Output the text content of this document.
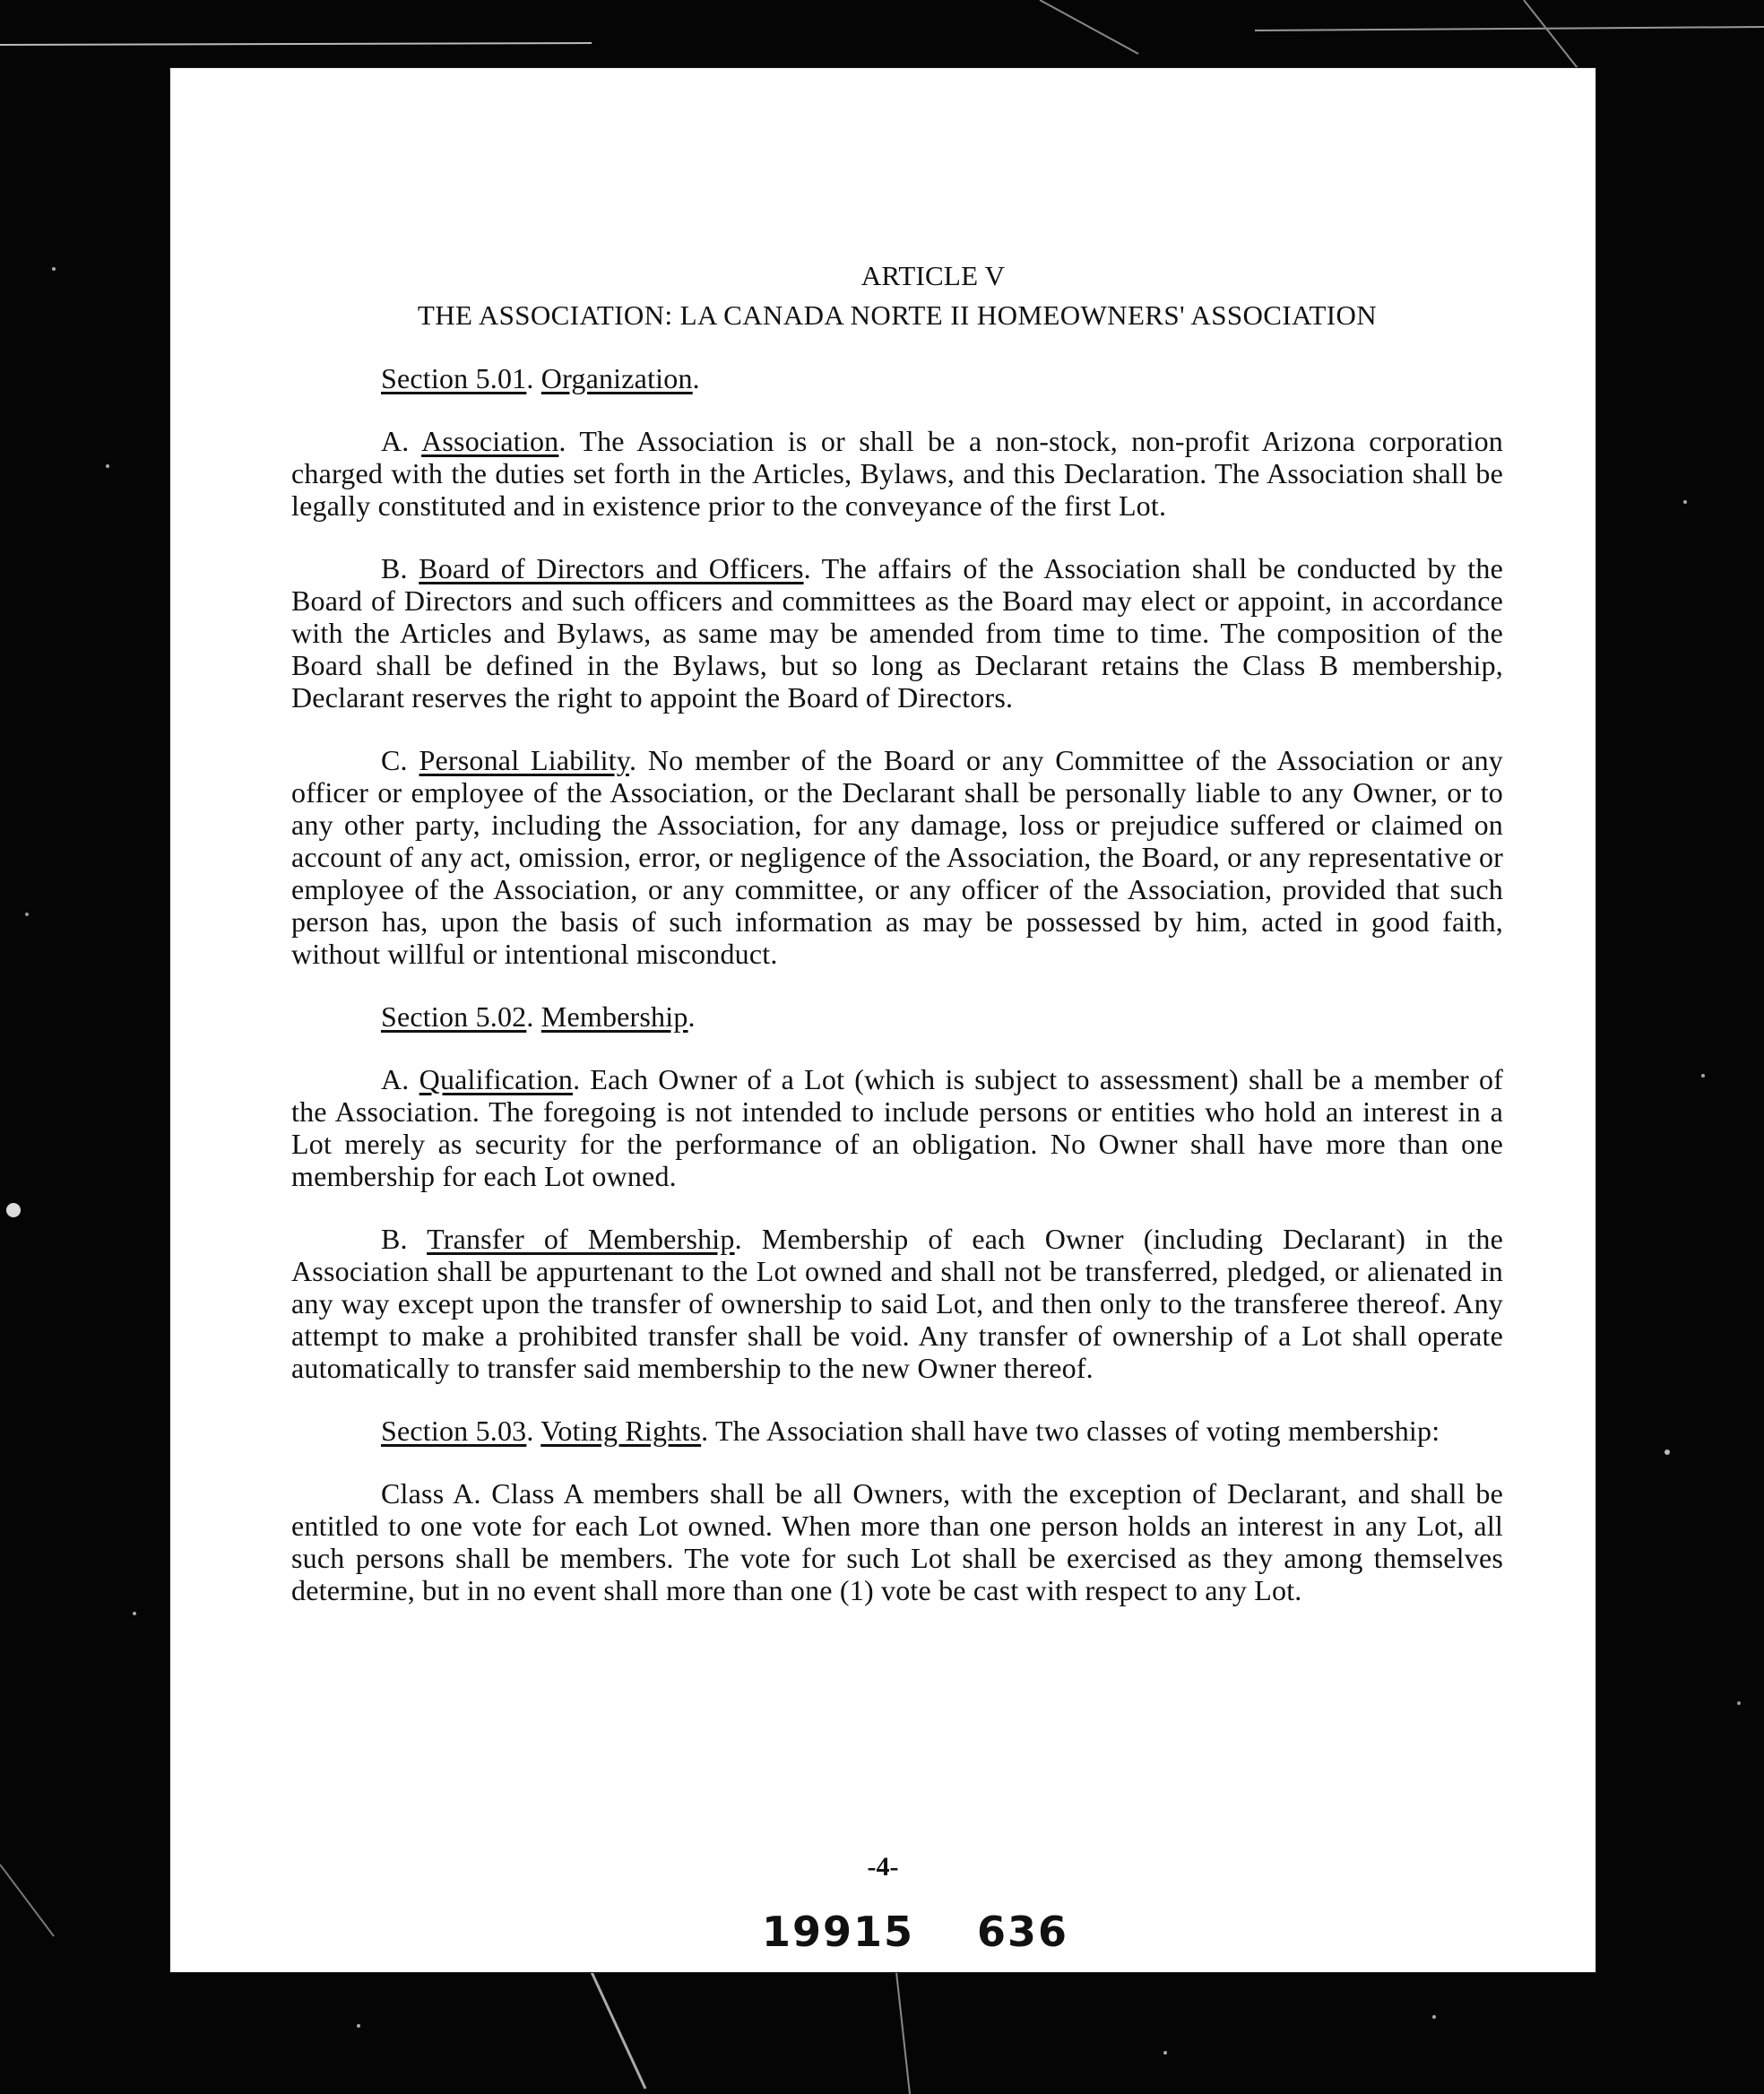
ARTICLE V

THE ASSOCIATION: LA CANADA NORTE II HOMEOWNERS' ASSOCIATION

Section 5.01. Organization.

A. Association. The Association is or shall be a non-stock, non-profit Arizona corporation charged with the duties set forth in the Articles, Bylaws, and this Declaration. The Association shall be legally constituted and in existence prior to the conveyance of the first Lot.

B. Board of Directors and Officers. The affairs of the Association shall be conducted by the Board of Directors and such officers and committees as the Board may elect or appoint, in accordance with the Articles and Bylaws, as same may be amended from time to time. The composition of the Board shall be defined in the Bylaws, but so long as Declarant retains the Class B membership, Declarant reserves the right to appoint the Board of Directors.

C. Personal Liability. No member of the Board or any Committee of the Association or any officer or employee of the Association, or the Declarant shall be personally liable to any Owner, or to any other party, including the Association, for any damage, loss or prejudice suffered or claimed on account of any act, omission, error, or negligence of the Association, the Board, or any representative or employee of the Association, or any committee, or any officer of the Association, provided that such person has, upon the basis of such information as may be possessed by him, acted in good faith, without willful or intentional misconduct.

Section 5.02. Membership.

A. Qualification. Each Owner of a Lot (which is subject to assessment) shall be a member of the Association. The foregoing is not intended to include persons or entities who hold an interest in a Lot merely as security for the performance of an obligation. No Owner shall have more than one membership for each Lot owned.

B. Transfer of Membership. Membership of each Owner (including Declarant) in the Association shall be appurtenant to the Lot owned and shall not be transferred, pledged, or alienated in any way except upon the transfer of ownership to said Lot, and then only to the transferee thereof. Any attempt to make a prohibited transfer shall be void. Any transfer of ownership of a Lot shall operate automatically to transfer said membership to the new Owner thereof.

Section 5.03. Voting Rights. The Association shall have two classes of voting membership:

Class A. Class A members shall be all Owners, with the exception of Declarant, and shall be entitled to one vote for each Lot owned. When more than one person holds an interest in any Lot, all such persons shall be members. The vote for such Lot shall be exercised as they among themselves determine, but in no event shall more than one (1) vote be cast with respect to any Lot.

-4-
19915 636
